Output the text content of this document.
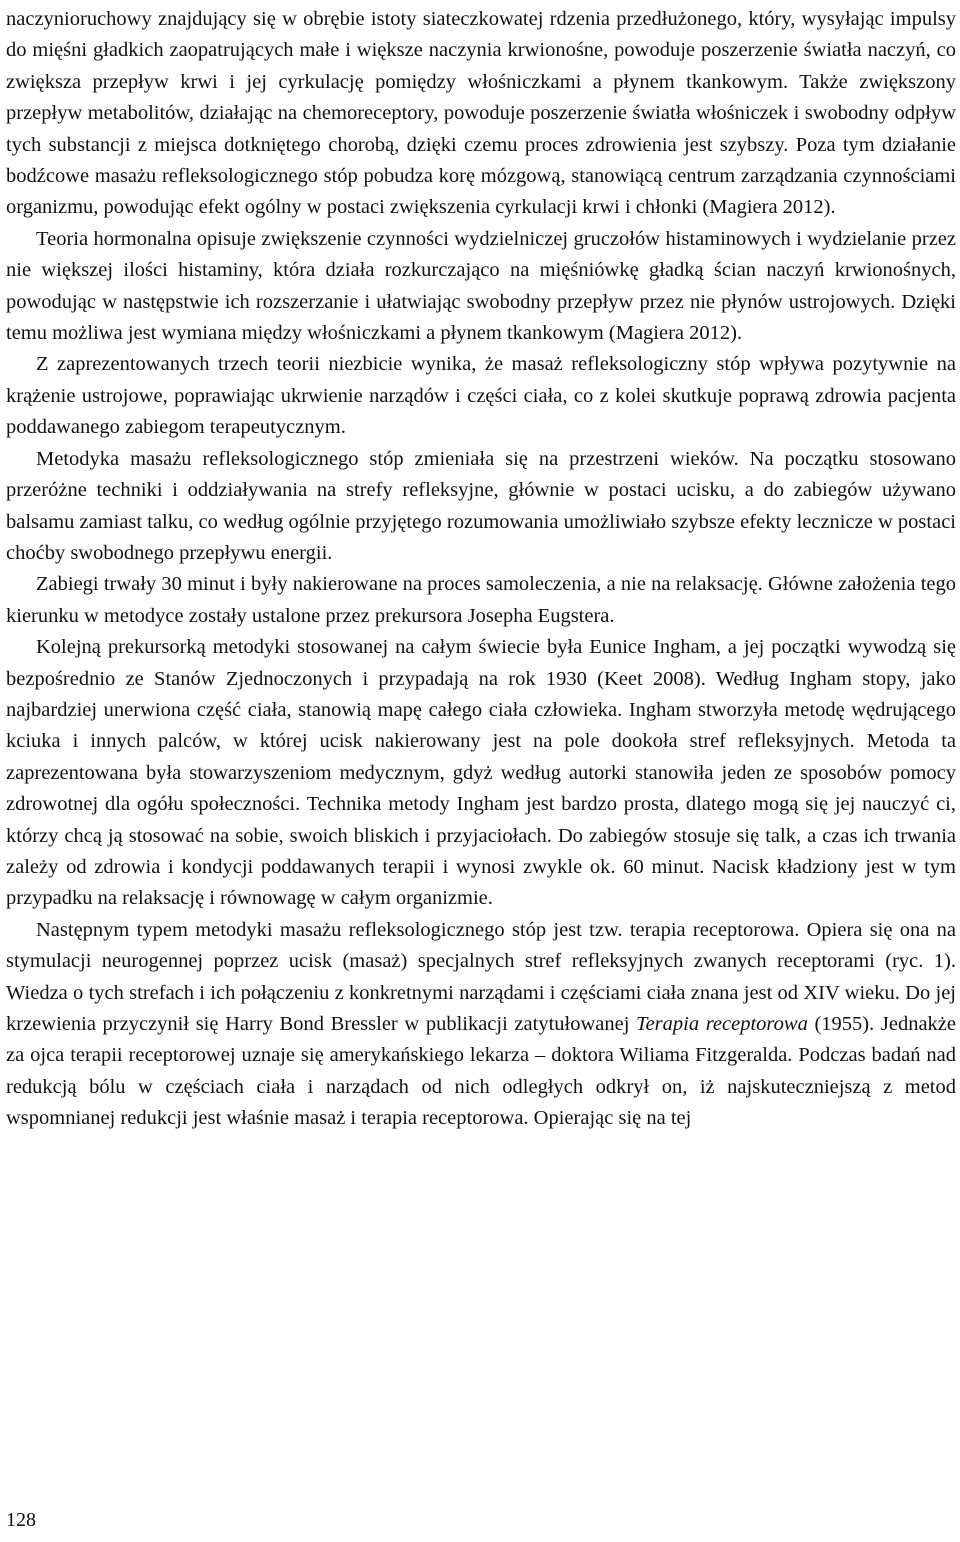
naczynioruchowy znajdujący się w obrębie istoty siateczkowatej rdzenia przedłużonego, który, wysyłając impulsy do mięśni gładkich zaopatrujących małe i większe naczynia krwionośne, powoduje poszerzenie światła naczyń, co zwiększa przepływ krwi i jej cyrkulację pomiędzy włośniczkami a płynem tkankowym. Także zwiększony przepływ metabolitów, działając na chemoreceptory, powoduje poszerzenie światła włośniczek i swobodny odpływ tych substancji z miejsca dotkniętego chorobą, dzięki czemu proces zdrowienia jest szybszy. Poza tym działanie bodźcowe masażu refleksologicznego stóp pobudza korę mózgową, stanowiącą centrum zarządzania czynnościami organizmu, powodując efekt ogólny w postaci zwiększenia cyrkulacji krwi i chłonki (Magiera 2012).

Teoria hormonalna opisuje zwiększenie czynności wydzielniczej gruczołów histaminowych i wydzielanie przez nie większej ilości histaminy, która działa rozkurczająco na mięśniówkę gładką ścian naczyń krwionośnych, powodując w następstwie ich rozszerzanie i ułatwiając swobodny przepływ przez nie płynów ustrojowych. Dzięki temu możliwa jest wymiana między włośniczkami a płynem tkankowym (Magiera 2012).

Z zaprezentowanych trzech teorii niezbicie wynika, że masaż refleksologiczny stóp wpływa pozytywnie na krążenie ustrojowe, poprawiając ukrwienie narządów i części ciała, co z kolei skutkuje poprawą zdrowia pacjenta poddawanego zabiegom terapeutycznym.

Metodyka masażu refleksologicznego stóp zmieniała się na przestrzeni wieków. Na początku stosowano przeróżne techniki i oddziaływania na strefy refleksyjne, głównie w postaci ucisku, a do zabiegów używano balsamu zamiast talku, co według ogólnie przyjętego rozumowania umożliwiało szybsze efekty lecznicze w postaci choćby swobodnego przepływu energii.

Zabiegi trwały 30 minut i były nakierowane na proces samoleczenia, a nie na relaksację. Główne założenia tego kierunku w metodyce zostały ustalone przez prekursora Josepha Eugstera.

Kolejną prekursorką metodyki stosowanej na całym świecie była Eunice Ingham, a jej początki wywodzą się bezpośrednio ze Stanów Zjednoczonych i przypadają na rok 1930 (Keet 2008). Według Ingham stopy, jako najbardziej unerwiona część ciała, stanowią mapę całego ciała człowieka. Ingham stworzyła metodę wędrującego kciuka i innych palców, w której ucisk nakierowany jest na pole dookoła stref refleksyjnych. Metoda ta zaprezentowana była stowarzyszeniom medycznym, gdyż według autorki stanowiła jeden ze sposobów pomocy zdrowotnej dla ogółu społeczności. Technika metody Ingham jest bardzo prosta, dlatego mogą się jej nauczyć ci, którzy chcą ją stosować na sobie, swoich bliskich i przyjaciołach. Do zabiegów stosuje się talk, a czas ich trwania zależy od zdrowia i kondycji poddawanych terapii i wynosi zwykle ok. 60 minut. Nacisk kładziony jest w tym przypadku na relaksację i równowagę w całym organizmie.

Następnym typem metodyki masażu refleksologicznego stóp jest tzw. terapia receptorowa. Opiera się ona na stymulacji neurogennej poprzez ucisk (masaż) specjalnych stref refleksyjnych zwanych receptorami (ryc. 1). Wiedza o tych strefach i ich połączeniu z konkretnymi narządami i częściami ciała znana jest od XIV wieku. Do jej krzewienia przyczynił się Harry Bond Bressler w publikacji zatytułowanej Terapia receptorowa (1955). Jednakże za ojca terapii receptorowej uznaje się amerykańskiego lekarza – doktora Wiliama Fitzgeralda. Podczas badań nad redukcją bólu w częściach ciała i narządach od nich odległych odkrył on, iż najskuteczniejszą z metod wspomnianej redukcji jest właśnie masaż i terapia receptorowa. Opierając się na tej

128
